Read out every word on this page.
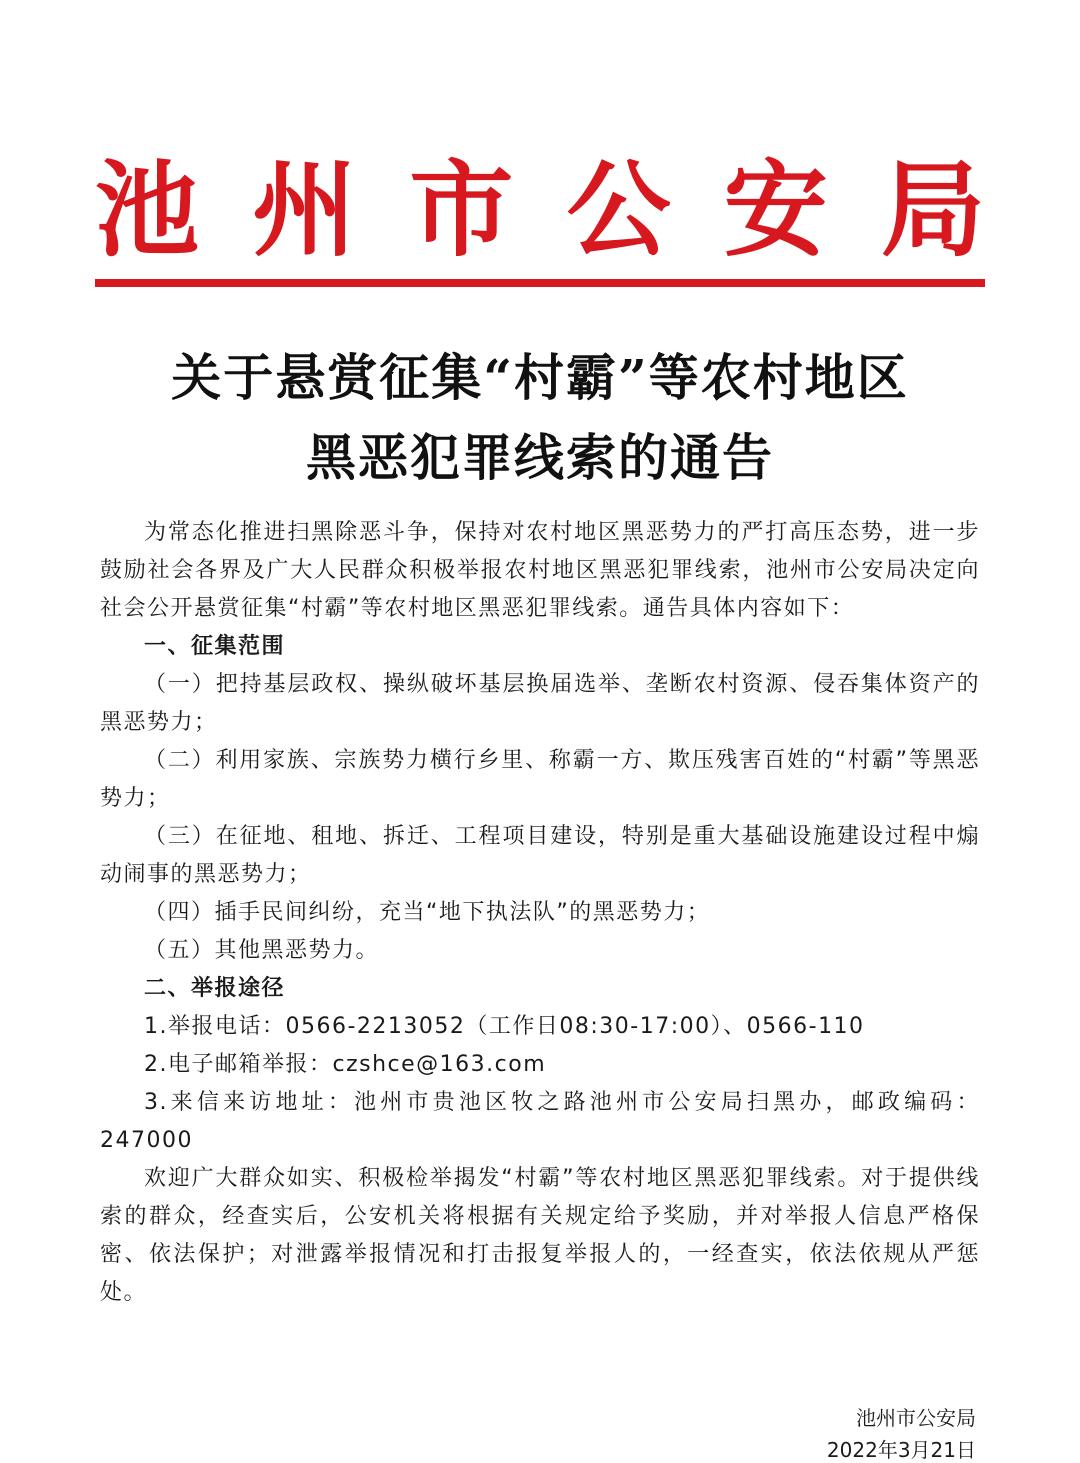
池 州 市 公 安 局
关于悬赏征集“村霸”等农村地区
黑恶犯罪线索的通告

为常态化推进扫黑除恶斗争，保持对农村地区黑恶势力的严打高压态势，进一步鼓励社会各界及广大人民群众积极举报农村地区黑恶犯罪线索，池州市公安局决定向社会公开悬赏征集“村霸”等农村地区黑恶犯罪线索。通告具体内容如下：

一、征集范围

（一）把持基层政权、操纵破坏基层换届选举、垄断农村资源、侵吞集体资产的黑恶势力；

（二）利用家族、宗族势力横行乡里、称霸一方、欺压残害百姓的“村霸”等黑恶势力；

（三）在征地、租地、拆迁、工程项目建设，特别是重大基础设施建设过程中煽动闹事的黑恶势力；

（四）插手民间纠纷，充当“地下执法队”的黑恶势力；

（五）其他黑恶势力。

二、举报途径

1.举报电话：0566-2213052（工作日08:30-17:00）、0566-110

2.电子邮箱举报：czshce@163.com

3.来信来访地址：池州市贵池区牧之路池州市公安局扫黑办，邮政编码：247000

欢迎广大群众如实、积极检举揭发“村霸”等农村地区黑恶犯罪线索。对于提供线索的群众，经查实后，公安机关将根据有关规定给予奖励，并对举报人信息严格保密、依法保护；对泄露举报情况和打击报复举报人的，一经查实，依法依规从严惩处。

池州市公安局
2022年3月21日
